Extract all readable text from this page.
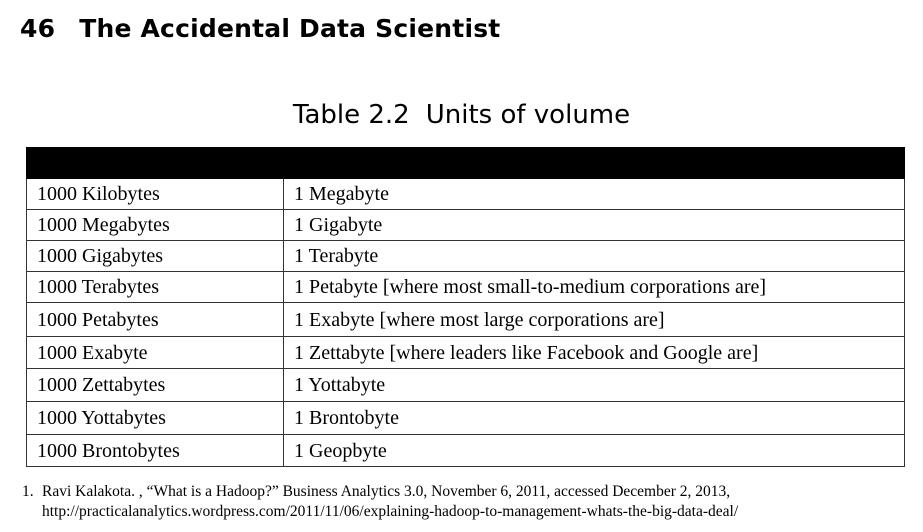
46 The Accidental Data Scientist
Table 2.2 Units of volume

1000 Kilobytes	1 Megabyte
1000 Megabytes	1 Gigabyte
1000 Gigabytes	1 Terabyte
1000 Terabytes	1 Petabyte [where most small-to-medium corporations are]
1000 Petabytes	1 Exabyte [where most large corporations are]
1000 Exabyte	1 Zettabyte [where leaders like Facebook and Google are]
1000 Zettabytes	1 Yottabyte
1000 Yottabytes	1 Brontobyte
1000 Brontobytes	1 Geopbyte
1. Ravi Kalakota. , “What is a Hadoop?” Business Analytics 3.0, November 6, 2011, accessed December 2, 2013, http://practicalanalytics.wordpress.com/2011/11/06/explaining-hadoop-to-management-whats-the-big-data-deal/
